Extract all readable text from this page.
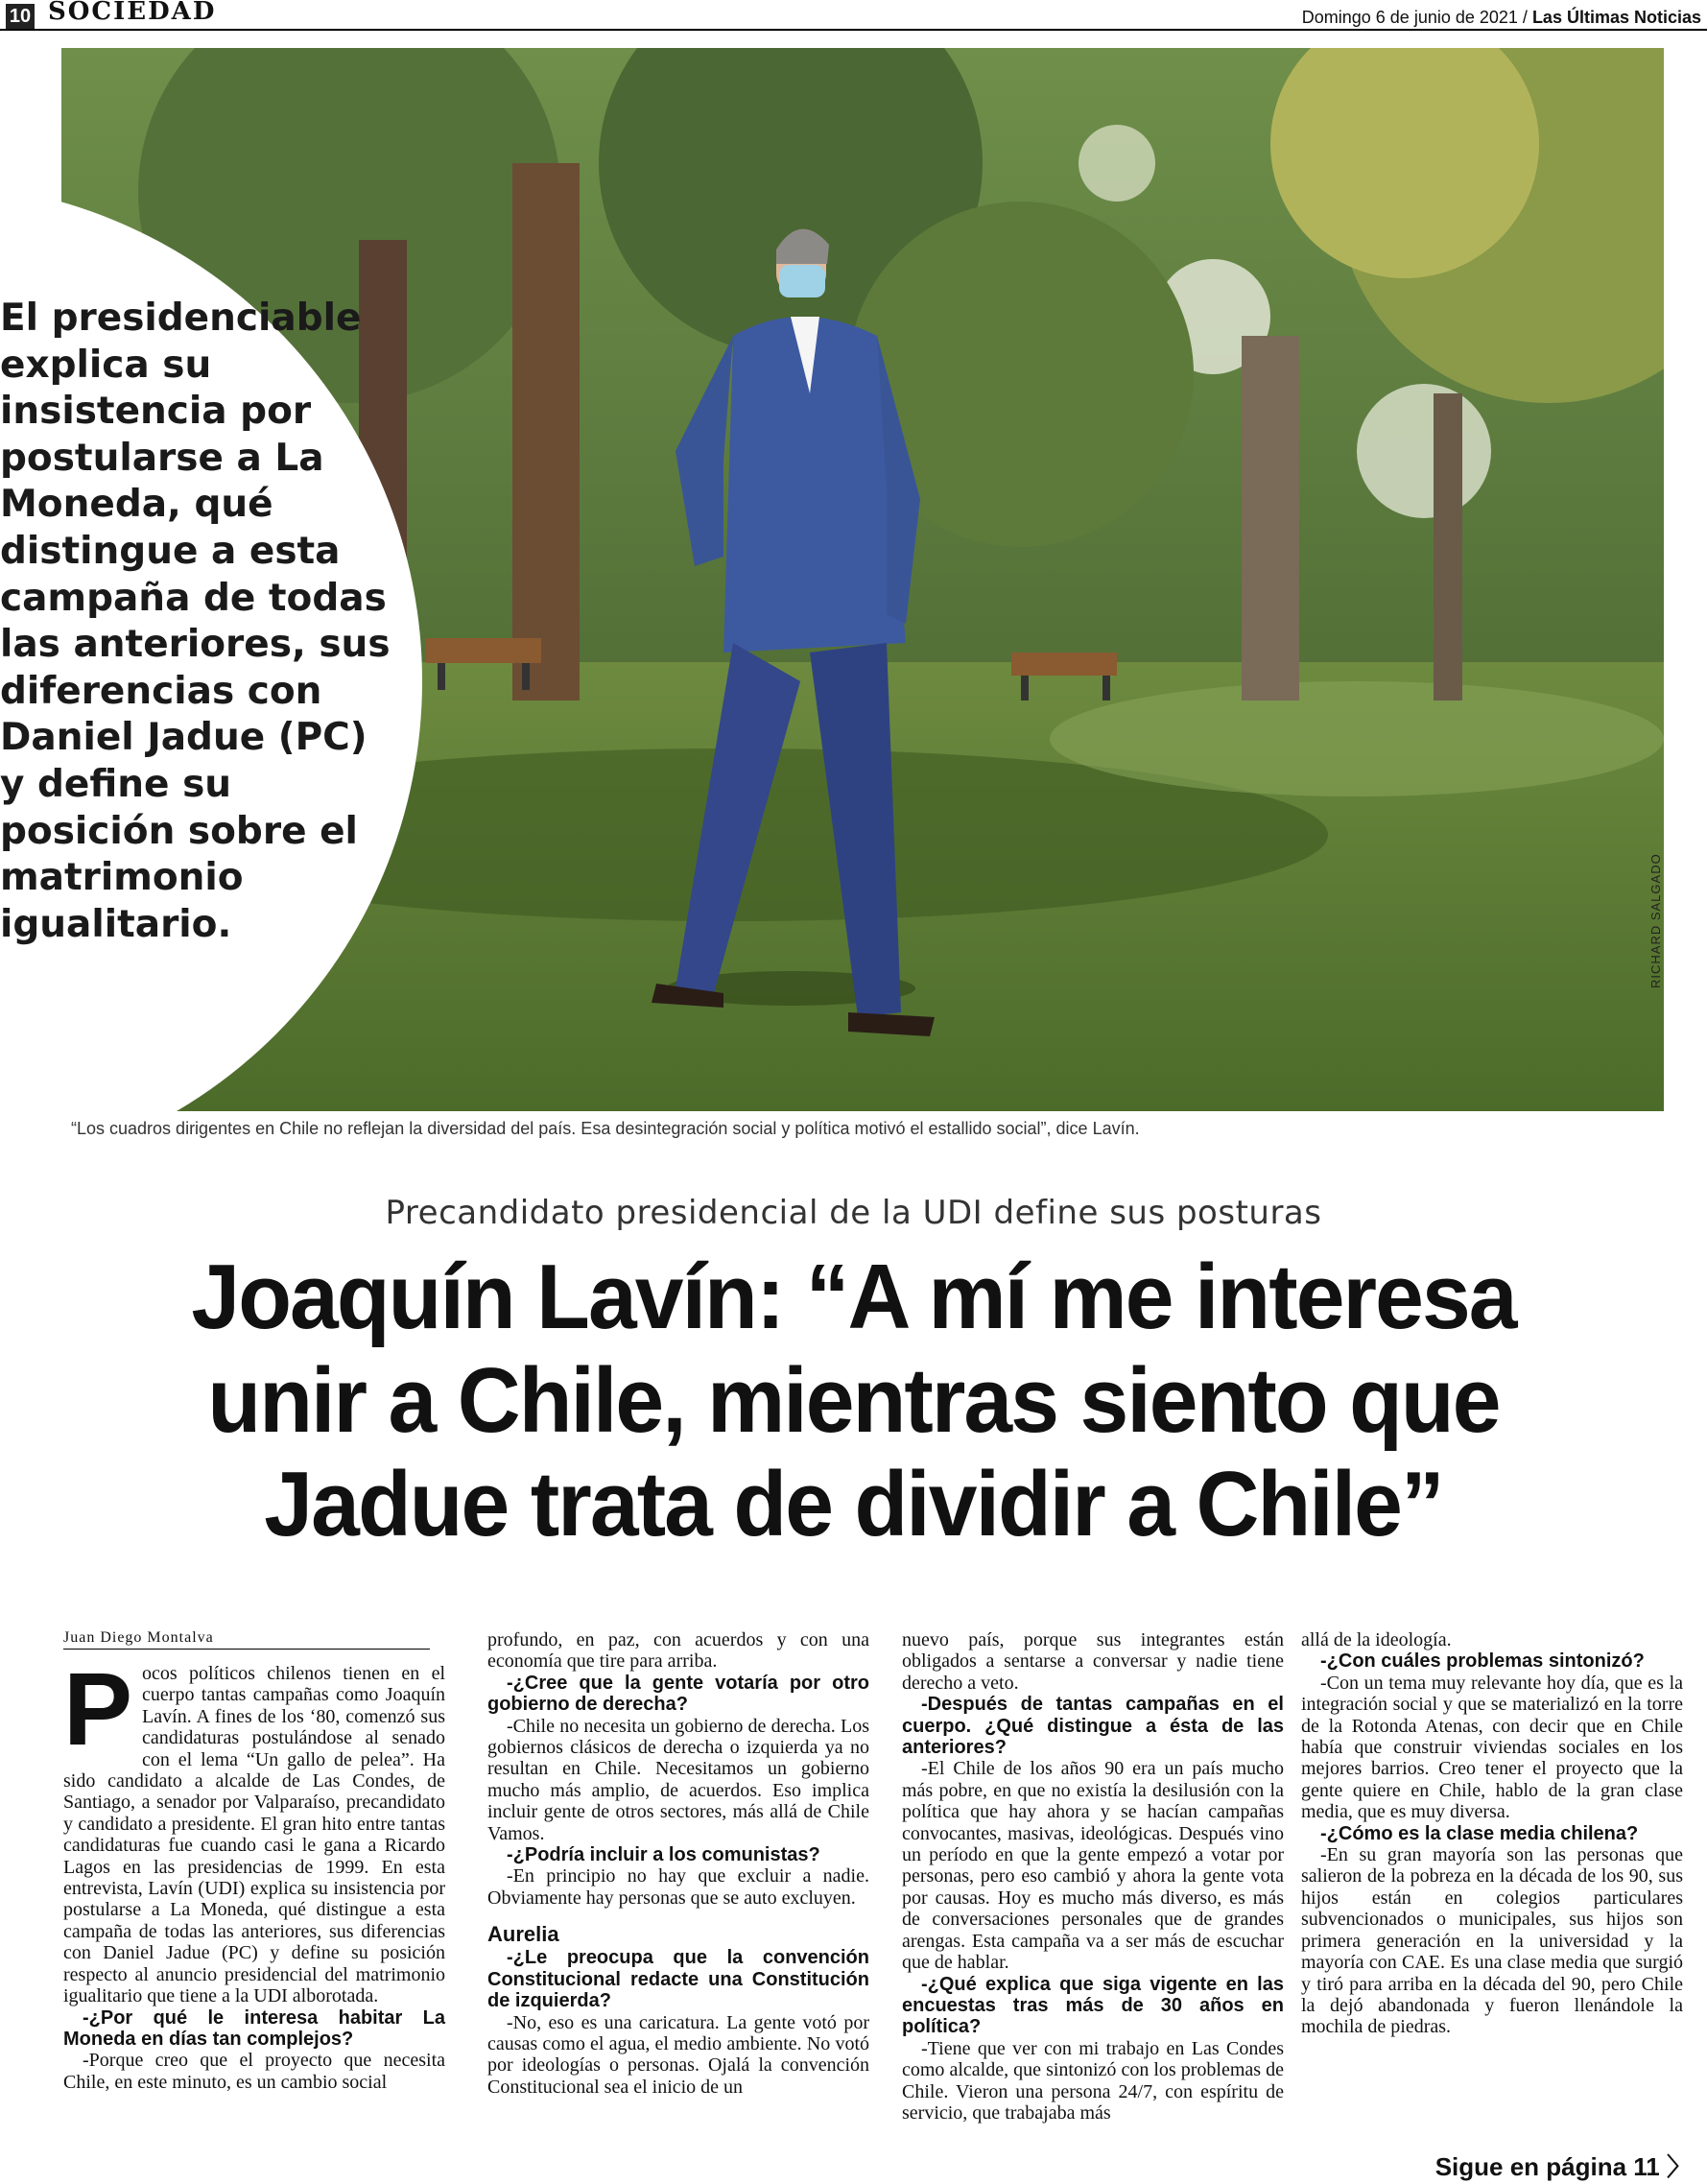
10 SOCIEDAD	Domingo 6 de junio de 2021 / Las Últimas Noticias
RICHARD SALGADO
El presidenciable explica su insistencia por postularse a La Moneda, qué distingue a esta campaña de todas las anteriores, sus diferencias con Daniel Jadue (PC) y define su posición sobre el matrimonio igualitario.
“Los cuadros dirigentes en Chile no reflejan la diversidad del país. Esa desintegración social y política motivó el estallido social”, dice Lavín.
Precandidato presidencial de la UDI define sus posturas
Joaquín Lavín: “A mí me interesa
unir a Chile, mientras siento que
Jadue trata de dividir a Chile”
Juan Diego Montalva
P ocos políticos chilenos tienen en el cuerpo tantas campañas como Joaquín Lavín. A fines de los ‘80, comenzó sus candidaturas postulándose al senado con el lema “Un gallo de pelea”. Ha sido candidato a alcalde de Las Condes, de Santiago, a senador por Valparaíso, precandidato y candidato a presidente. El gran hito entre tantas candidaturas fue cuando casi le gana a Ricardo Lagos en las presidencias de 1999. En esta entrevista, Lavín (UDI) explica su insistencia por postularse a La Moneda, qué distingue a esta campaña de todas las anteriores, sus diferencias con Daniel Jadue (PC) y define su posición respecto al anuncio presidencial del matrimonio igualitario que tiene a la UDI alborotada.

-¿Por qué le interesa habitar La Moneda en días tan complejos?

-Porque creo que el proyecto que necesita Chile, en este minuto, es un cambio social

profundo, en paz, con acuerdos y con una economía que tire para arriba.

-¿Cree que la gente votaría por otro gobierno de derecha?

-Chile no necesita un gobierno de derecha. Los gobiernos clásicos de derecha o izquierda ya no resultan en Chile. Necesitamos un gobierno mucho más amplio, de acuerdos. Eso implica incluir gente de otros sectores, más allá de Chile Vamos.

-¿Podría incluir a los comunistas?

-En principio no hay que excluir a nadie. Obviamente hay personas que se auto excluyen.

Aurelia

-¿Le preocupa que la convención Constitucional redacte una Constitución de izquierda?

-No, eso es una caricatura. La gente votó por causas como el agua, el medio ambiente. No votó por ideologías o personas. Ojalá la convención Constitucional sea el inicio de un

nuevo país, porque sus integrantes están obligados a sentarse a conversar y nadie tiene derecho a veto.

-Después de tantas campañas en el cuerpo. ¿Qué distingue a ésta de las anteriores?

-El Chile de los años 90 era un país mucho más pobre, en que no existía la desilusión con la política que hay ahora y se hacían campañas convocantes, masivas, ideológicas. Después vino un período en que la gente empezó a votar por personas, pero eso cambió y ahora la gente vota por causas. Hoy es mucho más diverso, es más de conversaciones personales que de grandes arengas. Esta campaña va a ser más de escuchar que de hablar.

-¿Qué explica que siga vigente en las encuestas tras más de 30 años en política?

-Tiene que ver con mi trabajo en Las Condes como alcalde, que sintonizó con los problemas de Chile. Vieron una persona 24/7, con espíritu de servicio, que trabajaba más

allá de la ideología.

-¿Con cuáles problemas sintonizó?

-Con un tema muy relevante hoy día, que es la integración social y que se materializó en la torre de la Rotonda Atenas, con decir que en Chile había que construir viviendas sociales en los mejores barrios. Creo tener el proyecto que la gente quiere en Chile, hablo de la gran clase media, que es muy diversa.

-¿Cómo es la clase media chilena?

-En su gran mayoría son las personas que salieron de la pobreza en la década de los 90, sus hijos están en colegios particulares subvencionados o municipales, sus hijos son primera generación en la universidad y la mayoría con CAE. Es una clase media que surgió y tiró para arriba en la década del 90, pero Chile la dejó abandonada y fueron llenándole la mochila de piedras.

Sigue en página 11 〉
